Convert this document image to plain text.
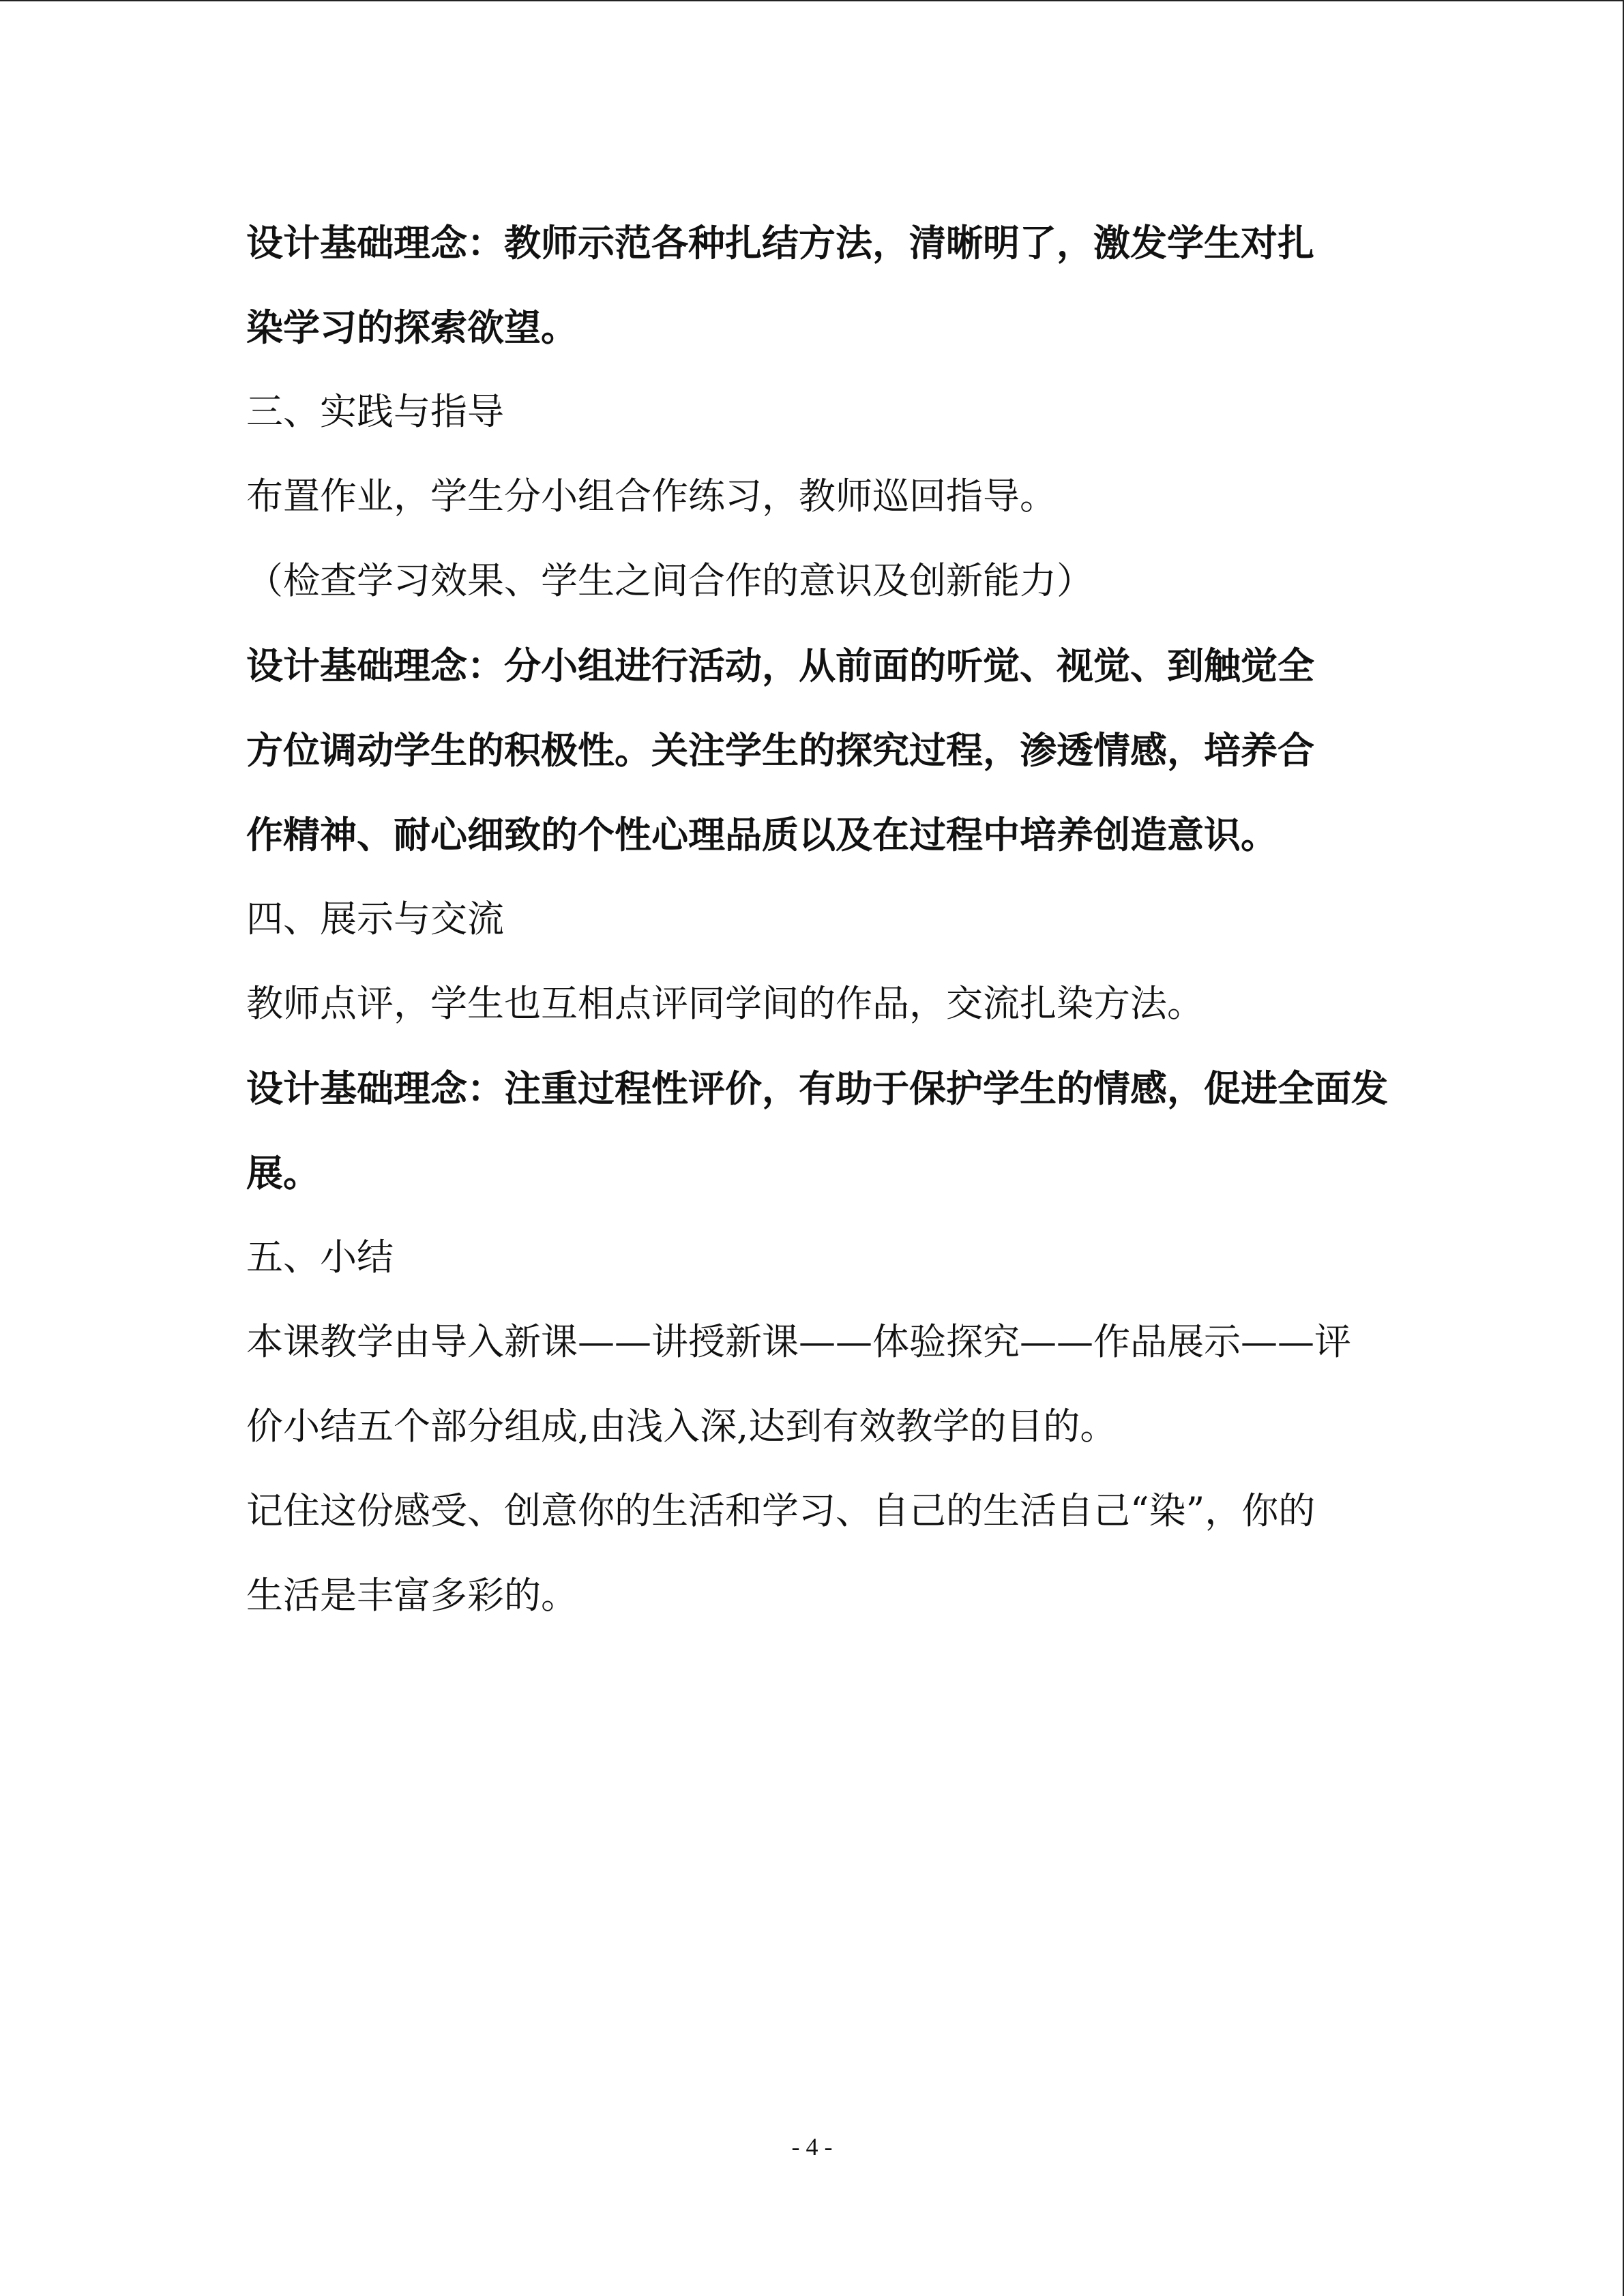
设计基础理念：教师示范各种扎结方法，清晰明了，激发学生对扎
染学习的探索欲望。
三、实践与指导
布置作业，学生分小组合作练习，教师巡回指导。
（检查学习效果、学生之间合作的意识及创新能力）
设计基础理念：分小组进行活动，从前面的听觉、视觉、到触觉全
方位调动学生的积极性。关注学生的探究过程，渗透情感，培养合
作精神、耐心细致的个性心理品质以及在过程中培养创造意识。
四、展示与交流
教师点评，学生也互相点评同学间的作品，交流扎染方法。
设计基础理念：注重过程性评价，有助于保护学生的情感，促进全面发
展。
五、小结
本课教学由导入新课——讲授新课——体验探究——作品展示——评
价小结五个部分组成,由浅入深,达到有效教学的目的。
记住这份感受、创意你的生活和学习、自己的生活自己“染”，你的
生活是丰富多彩的。
- 4 -
